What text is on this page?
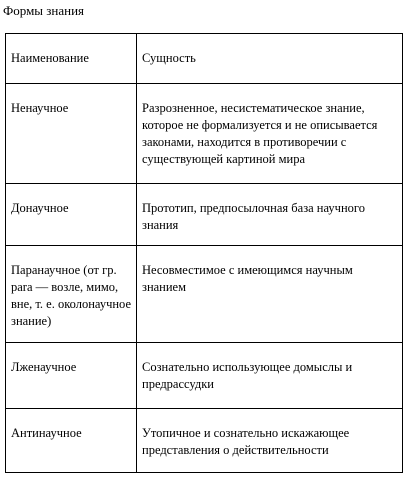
Формы знания
Наименование	Сущность

Ненаучное	Разрозненное, несистематическое знание, которое не формализуется и не описывается законами, находится в противоречии с существующей картиной мира

Донаучное	Прототип, предпосылочная база научного знания

Паранаучное (от гр. para — возле, мимо, вне, т. е. околонаучное знание)	Несовместимое с имеющимся научным знанием

Лженаучное	Сознательно использующее домыслы и предрассудки

Антинаучное	Утопичное и сознательно искажающее представления о действительности
